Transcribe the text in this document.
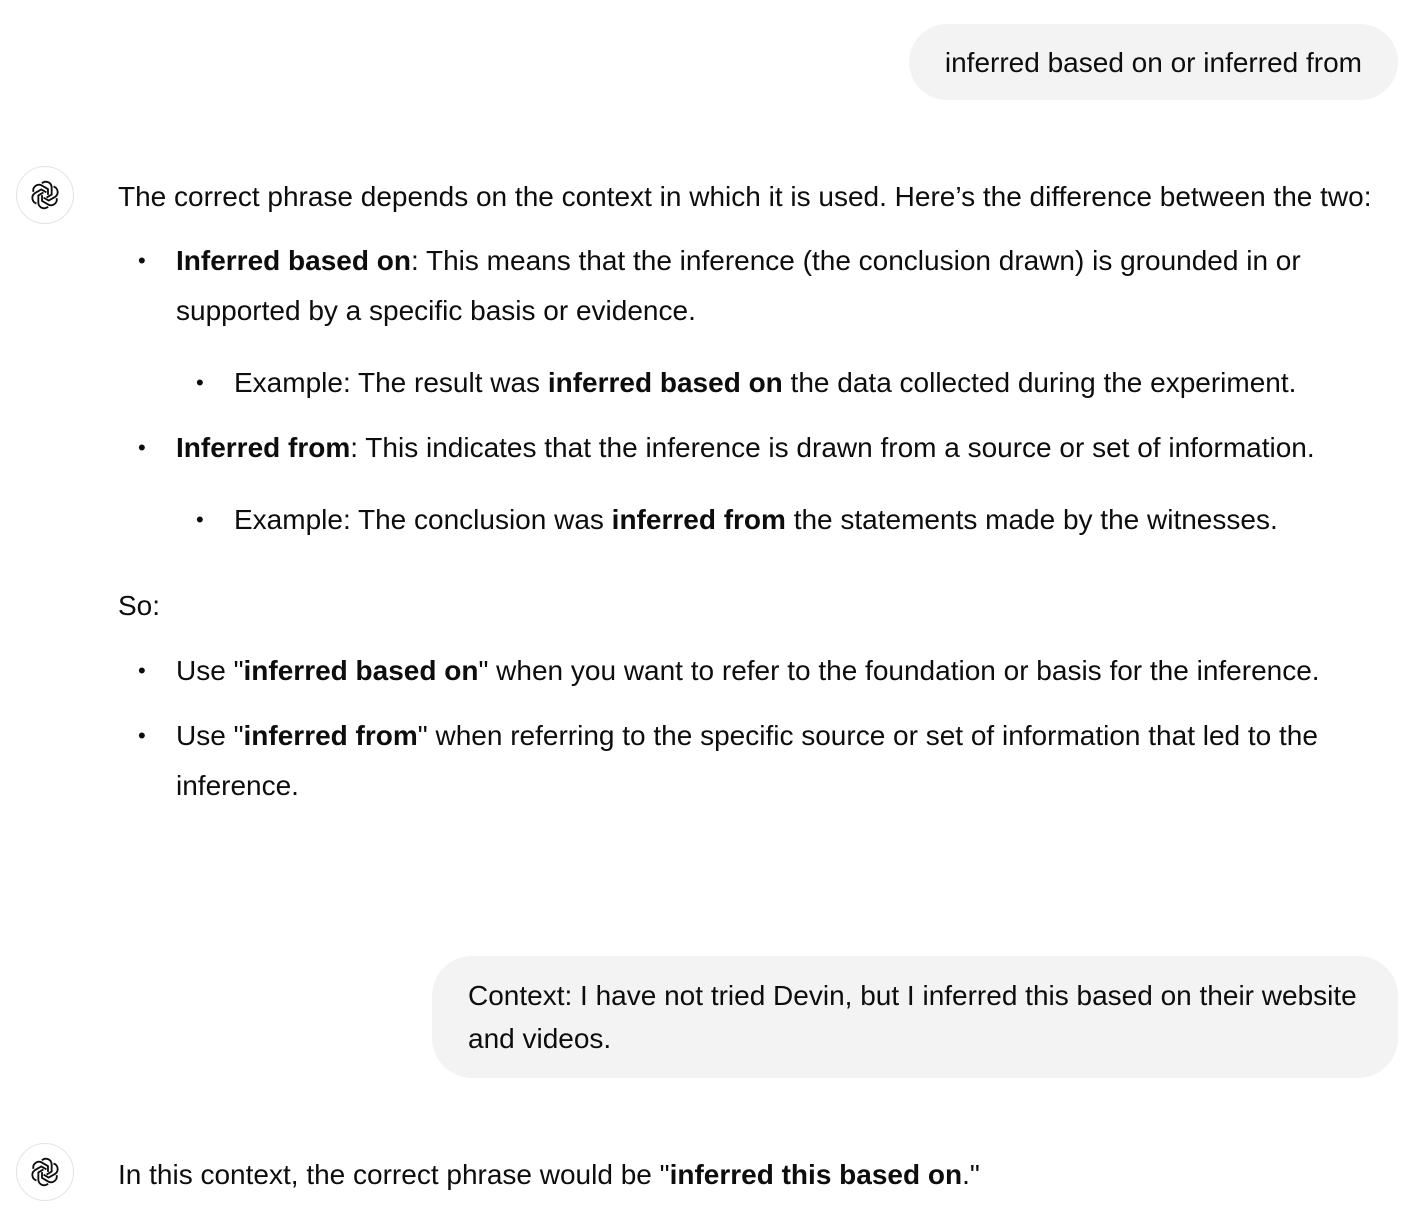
inferred based on or inferred from

The correct phrase depends on the context in which it is used. Here’s the difference between the two:

• Inferred based on: This means that the inference (the conclusion drawn) is grounded in or supported by a specific basis or evidence.
• Example: The result was inferred based on the data collected during the experiment.
• Inferred from: This indicates that the inference is drawn from a source or set of information.
• Example: The conclusion was inferred from the statements made by the witnesses.

So:

• Use "inferred based on" when you want to refer to the foundation or basis for the inference.
• Use "inferred from" when referring to the specific source or set of information that led to the inference.
Context: I have not tried Devin, but I inferred this based on their website and videos.

In this context, the correct phrase would be "inferred this based on."
